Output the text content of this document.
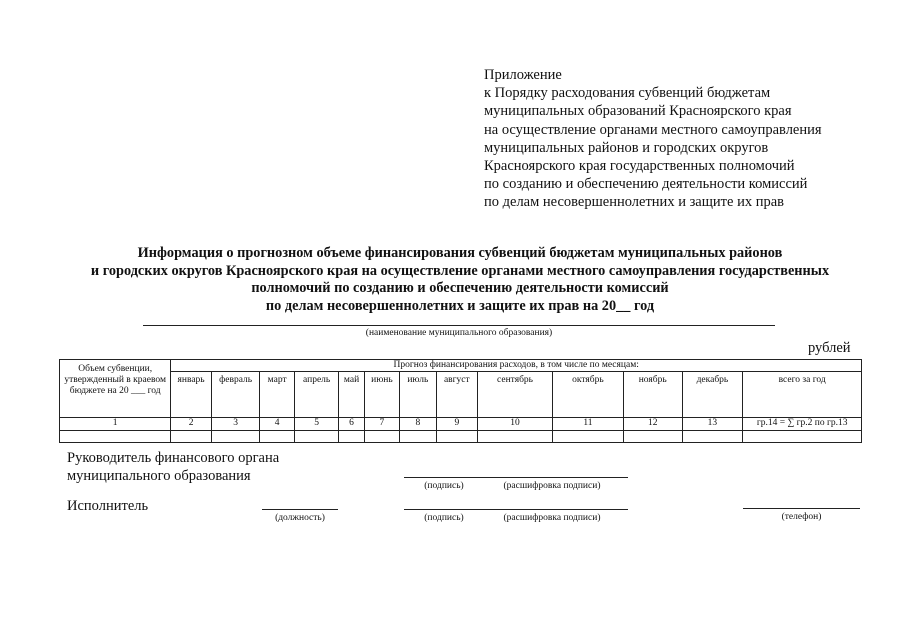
Приложение
к Порядку расходования субвенций бюджетам
муниципальных образований Красноярского края
на осуществление органами местного самоуправления
муниципальных районов и городских округов
Красноярского края государственных полномочий
по созданию и обеспечению деятельности комиссий
по делам несовершеннолетних и защите их прав
Информация о прогнозном объеме финансирования субвенций бюджетам муниципальных районов
и городских округов Красноярского края на осуществление органами местного самоуправления государственных
полномочий по созданию и обеспечению деятельности комиссий
по делам несовершеннолетних и защите их прав на 20__ год
(наименование муниципального образования)
рублей
Объем субвенции, утвержденный в краевом бюджете на 20 ___ год	Прогноз финансирования расходов, в том числе по месяцам:												
	январь	февраль	март	апрель	май	июнь	июль	август	сентябрь	октябрь	ноябрь	декабрь	всего за год
1	2	3	4	5	6	7	8	9	10	11	12	13	гр.14 = ∑ гр.2 по гр.13

Руководитель финансового органа
муниципального образования
(подпись)	(расшифровка подписи)
Исполнитель
(должность)	(подпись)	(расшифровка подписи)	(телефон)
